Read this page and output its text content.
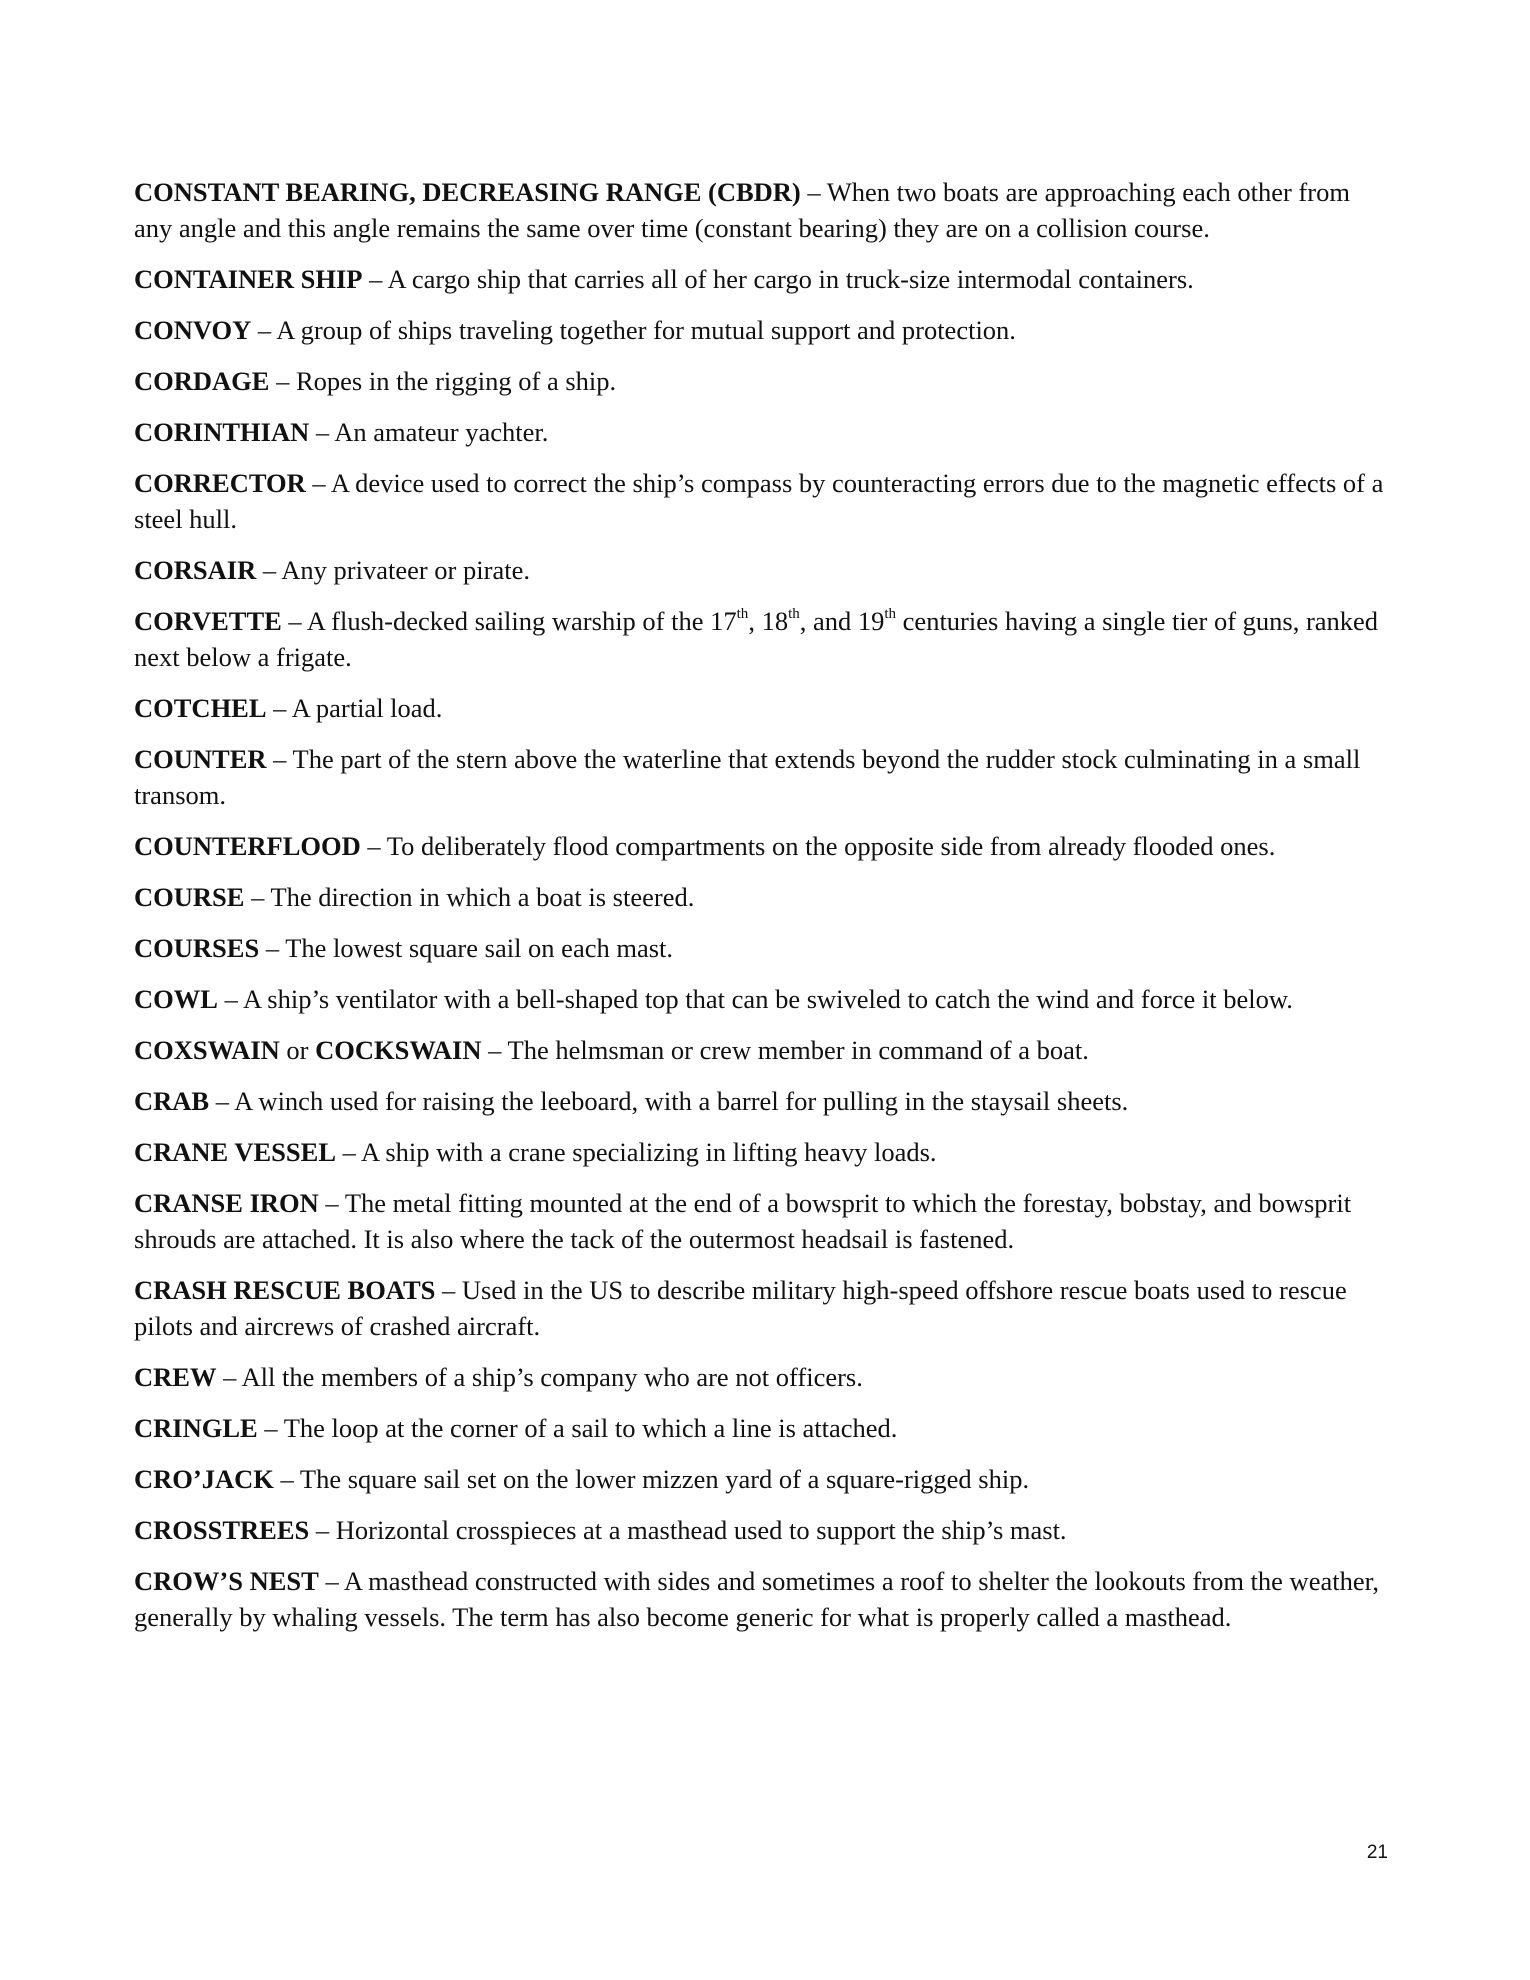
CONSTANT BEARING, DECREASING RANGE (CBDR) – When two boats are approaching each other from any angle and this angle remains the same over time (constant bearing) they are on a collision course.

CONTAINER SHIP – A cargo ship that carries all of her cargo in truck-size intermodal containers.

CONVOY – A group of ships traveling together for mutual support and protection.

CORDAGE – Ropes in the rigging of a ship.

CORINTHIAN – An amateur yachter.

CORRECTOR – A device used to correct the ship’s compass by counteracting errors due to the magnetic effects of a steel hull.

CORSAIR – Any privateer or pirate.

CORVETTE – A flush-decked sailing warship of the 17th, 18th, and 19th centuries having a single tier of guns, ranked next below a frigate.

COTCHEL – A partial load.

COUNTER – The part of the stern above the waterline that extends beyond the rudder stock culminating in a small transom.

COUNTERFLOOD – To deliberately flood compartments on the opposite side from already flooded ones.

COURSE – The direction in which a boat is steered.

COURSES – The lowest square sail on each mast.

COWL – A ship’s ventilator with a bell-shaped top that can be swiveled to catch the wind and force it below.

COXSWAIN or COCKSWAIN – The helmsman or crew member in command of a boat.

CRAB – A winch used for raising the leeboard, with a barrel for pulling in the staysail sheets.

CRANE VESSEL – A ship with a crane specializing in lifting heavy loads.

CRANSE IRON – The metal fitting mounted at the end of a bowsprit to which the forestay, bobstay, and bowsprit shrouds are attached. It is also where the tack of the outermost headsail is fastened.

CRASH RESCUE BOATS – Used in the US to describe military high-speed offshore rescue boats used to rescue pilots and aircrews of crashed aircraft.

CREW – All the members of a ship’s company who are not officers.

CRINGLE – The loop at the corner of a sail to which a line is attached.

CRO’JACK – The square sail set on the lower mizzen yard of a square-rigged ship.

CROSSTREES – Horizontal crosspieces at a masthead used to support the ship’s mast.

CROW’S NEST – A masthead constructed with sides and sometimes a roof to shelter the lookouts from the weather, generally by whaling vessels. The term has also become generic for what is properly called a masthead.

21
